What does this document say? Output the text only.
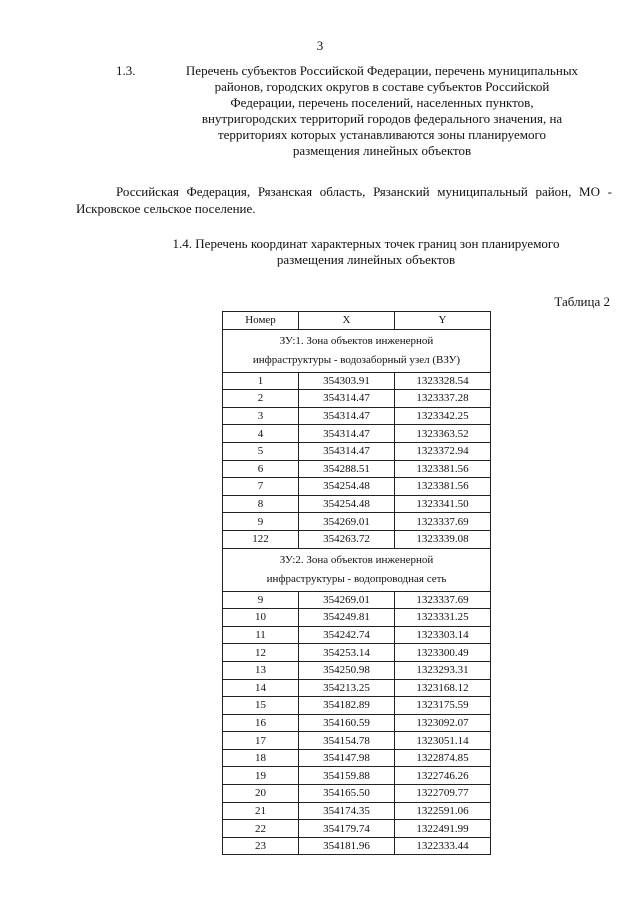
3
1.3.	Перечень субъектов Российской Федерации, перечень муниципальных
районов, городских округов в составе субъектов Российской
Федерации, перечень поселений, населенных пунктов,
внутригородских территорий городов федерального значения, на
территориях которых устанавливаются зоны планируемого
размещения линейных объектов
Российская Федерация, Рязанская область, Рязанский муниципальный район, МО - Искровское сельское поселение.
1.4. Перечень координат характерных точек границ зон планируемого
размещения линейных объектов
Таблица 2
Номер	X	Y

ЗУ:1. Зона объектов инженерной
инфраструктуры - водозаборный узел (ВЗУ)		

1	354303.91	1323328.54
2	354314.47	1323337.28
3	354314.47	1323342.25
4	354314.47	1323363.52
5	354314.47	1323372.94
6	354288.51	1323381.56
7	354254.48	1323381.56
8	354254.48	1323341.50
9	354269.01	1323337.69
122	354263.72	1323339.08

ЗУ:2. Зона объектов инженерной
инфраструктуры - водопроводная сеть		

9	354269.01	1323337.69
10	354249.81	1323331.25
11	354242.74	1323303.14
12	354253.14	1323300.49
13	354250.98	1323293.31
14	354213.25	1323168.12
15	354182.89	1323175.59
16	354160.59	1323092.07
17	354154.78	1323051.14
18	354147.98	1322874.85
19	354159.88	1322746.26
20	354165.50	1322709.77
21	354174.35	1322591.06
22	354179.74	1322491.99
23	354181.96	1322333.44
